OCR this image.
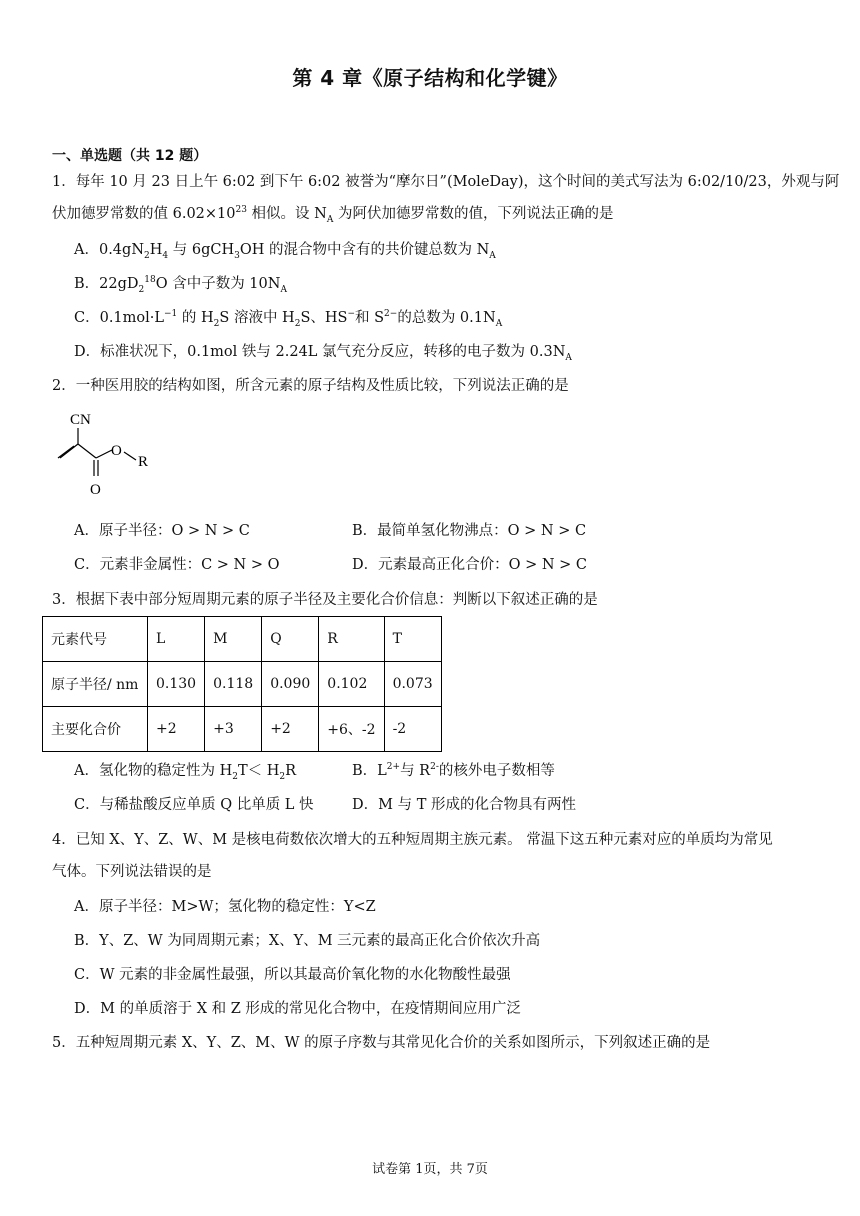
第 4 章《原子结构和化学键》
一、单选题（共 12 题）
1．每年 10 月 23 日上午 6:02 到下午 6:02 被誉为“摩尔日”(MoleDay)，这个时间的美式写法为 6:02/10/23，外观与阿
伏加德罗常数的值 $6.02\times 10^{23}$ 相似。设 $N_A$ 为阿伏加德罗常数的值，下列说法正确的是
A．$0.4gN_2H_4$ 与 6gCH$_3$OH 的混合物中含有的共价键总数为 $N_A$
B．$22gD_2^{18}O$ 含中子数为 $10N_A$
C．$0.1mol\cdot L^{-1}$ 的 $H_2S$ 溶液中 $H_2S$、HS−和 $S^{2-}$的总数为 $0.1N_A$
D．标准状况下，0.1mol 铁与 2.24L 氯气充分反应，转移的电子数为 $0.3N_A$
2．一种医用胶的结构如图，所含元素的原子结构及性质比较，下列说法正确的是
CN
O
R
O
A．原子半径：O > N > C	B．最简单氢化物沸点：O > N > C
C．元素非金属性：C > N > O	D．元素最高正化合价：O > N > C
3．根据下表中部分短周期元素的原子半径及主要化合价信息：判断以下叙述正确的是
元素代号	L	M	Q	R	T
原子半径/ nm	0.130	0.118	0.090	0.102	0.073
主要化合价	+2	+3	+2	+6、-2	-2
A．氢化物的稳定性为 $H_2T< H_2R$	B．$L^{2+}$与 $R^{2-}$的核外电子数相等
C．与稀盐酸反应单质 Q 比单质 L 快	D．M 与 T 形成的化合物具有两性
4．已知 X、Y、Z、W、M 是核电荷数依次增大的五种短周期主族元素。 常温下这五种元素对应的单质均为常见
气体。下列说法错误的是
A．原子半径：M>W；氢化物的稳定性：Y<Z
B．Y、Z、W 为同周期元素；X、Y、M 三元素的最高正化合价依次升高
C．W 元素的非金属性最强，所以其最高价氧化物的水化物酸性最强
D．M 的单质溶于 X 和 Z 形成的常见化合物中，在疫情期间应用广泛
5．五种短周期元素 X、Y、Z、M、W 的原子序数与其常见化合价的关系如图所示，下列叙述正确的是
试卷第 1页，共 7页
